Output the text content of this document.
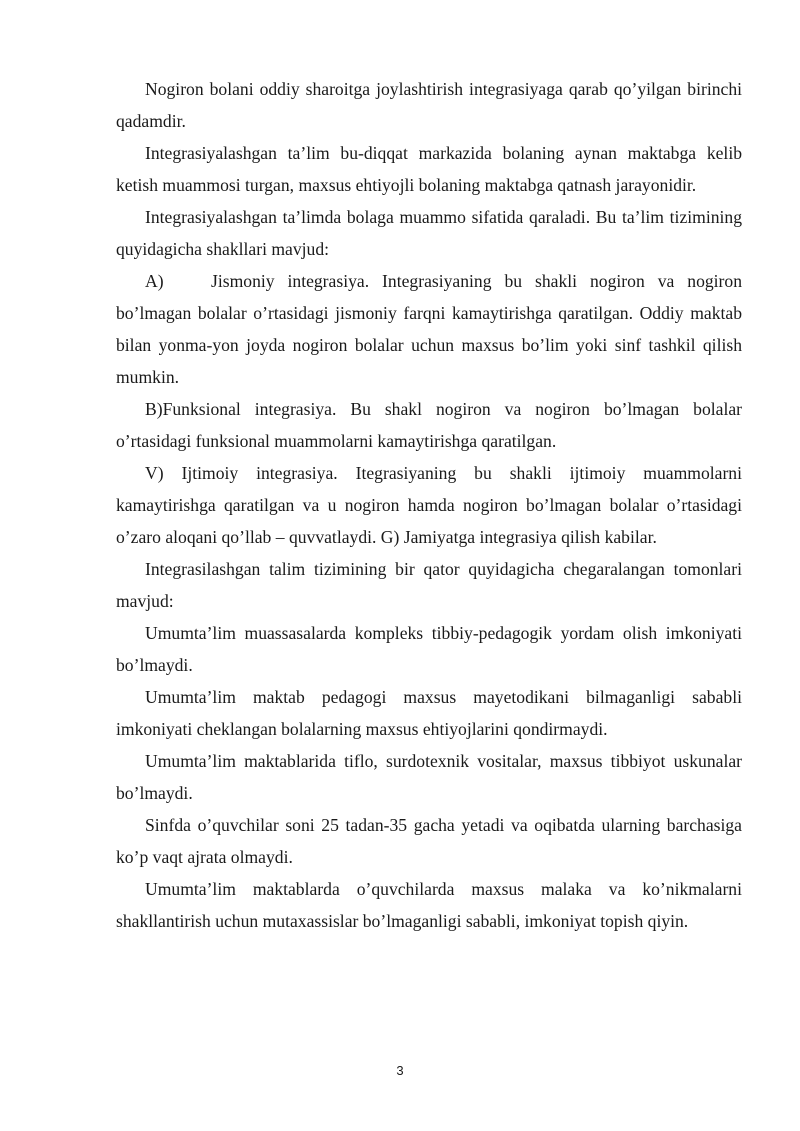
Nogiron bolani oddiy sharoitga joylashtirish integrasiyaga qarab qo’yilgan birinchi qadamdir.

Integrasiyalashgan ta’lim bu-diqqat markazida bolaning aynan maktabga kelib ketish muammosi turgan, maxsus ehtiyojli bolaning maktabga qatnash jarayonidir.

Integrasiyalashgan ta’limda bolaga muammo sifatida qaraladi. Bu ta’lim tizimining quyidagicha shakllari mavjud:

A)	Jismoniy integrasiya. Integrasiyaning bu shakli nogiron va nogiron bo’lmagan bolalar o’rtasidagi jismoniy farqni kamaytirishga qaratilgan. Oddiy maktab bilan yonma-yon joyda nogiron bolalar uchun maxsus bo’lim yoki sinf tashkil qilish mumkin.

B)Funksional integrasiya. Bu shakl nogiron va nogiron bo’lmagan bolalar o’rtasidagi funksional muammolarni kamaytirishga qaratilgan.

V) Ijtimoiy integrasiya. Itegrasiyaning bu shakli ijtimoiy muammolarni kamaytirishga qaratilgan va u nogiron hamda nogiron bo’lmagan bolalar o’rtasidagi o’zaro aloqani qo’llab – quvvatlaydi. G) Jamiyatga integrasiya qilish kabilar.

Integrasilashgan talim tizimining bir qator quyidagicha chegaralangan tomonlari mavjud:

Umumta’lim muassasalarda kompleks tibbiy-pedagogik yordam olish imkoniyati bo’lmaydi.

Umumta’lim maktab pedagogi maxsus mayetodikani bilmaganligi sababli imkoniyati cheklangan bolalarning maxsus ehtiyojlarini qondirmaydi.

Umumta’lim maktablarida tiflo, surdotexnik vositalar, maxsus tibbiyot uskunalar bo’lmaydi.

Sinfda o’quvchilar soni 25 tadan-35 gacha yetadi va oqibatda ularning barchasiga ko’p vaqt ajrata olmaydi.

Umumta’lim maktablarda o’quvchilarda maxsus malaka va ko’nikmalarni shakllantirish uchun mutaxassislar bo’lmaganligi sababli, imkoniyat topish qiyin.

3
